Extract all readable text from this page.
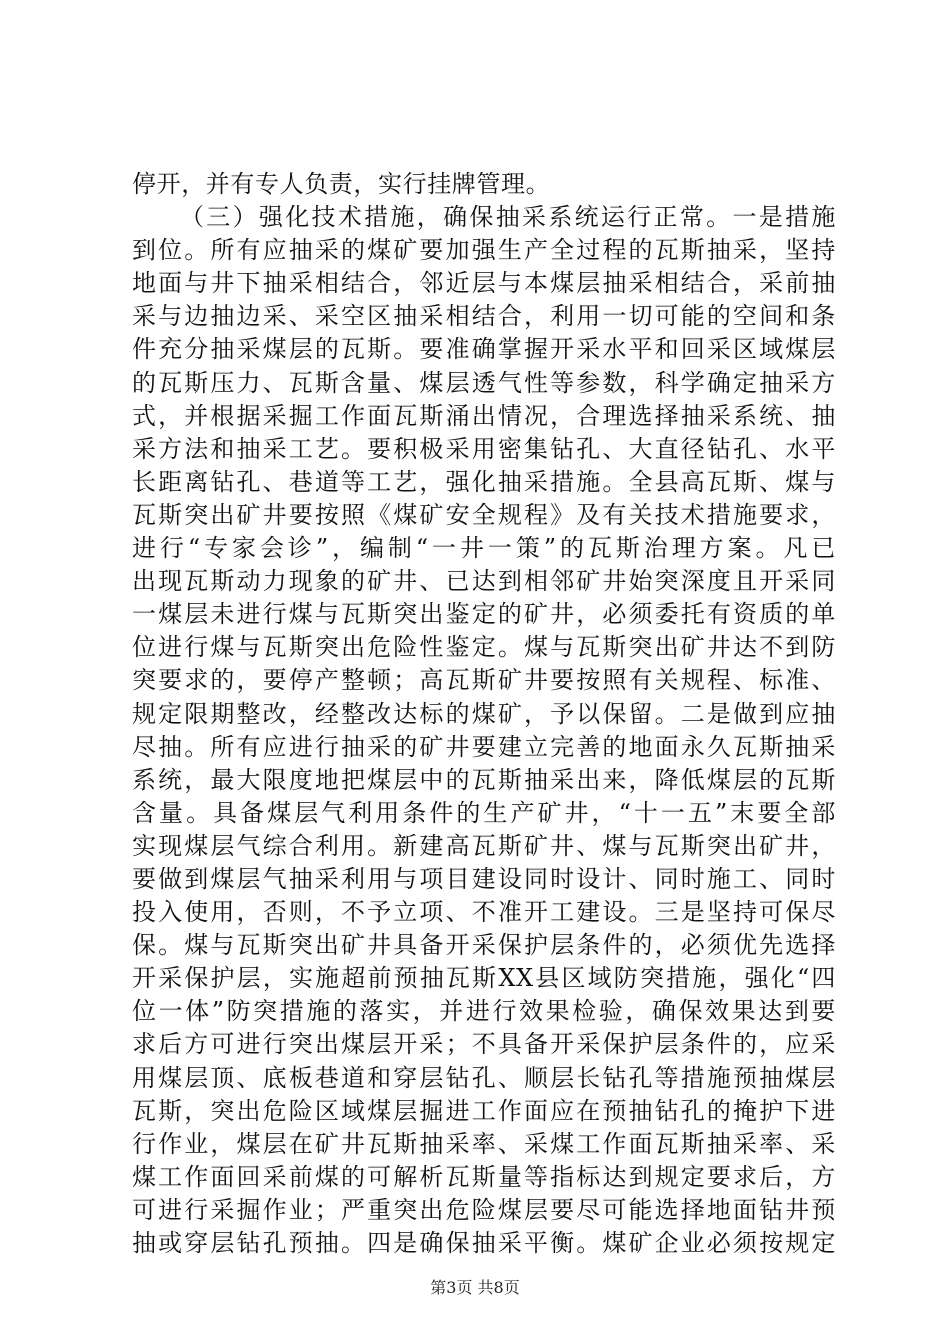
停开，并有专人负责，实行挂牌管理。
（三）强化技术措施，确保抽采系统运行正常。一是措施
到位。所有应抽采的煤矿要加强生产全过程的瓦斯抽采，坚持
地面与井下抽采相结合，邻近层与本煤层抽采相结合，采前抽
采与边抽边采、采空区抽采相结合，利用一切可能的空间和条
件充分抽采煤层的瓦斯。要准确掌握开采水平和回采区域煤层
的瓦斯压力、瓦斯含量、煤层透气性等参数，科学确定抽采方
式，并根据采掘工作面瓦斯涌出情况，合理选择抽采系统、抽
采方法和抽采工艺。要积极采用密集钻孔、大直径钻孔、水平
长距离钻孔、巷道等工艺，强化抽采措施。全县高瓦斯、煤与
瓦斯突出矿井要按照《煤矿安全规程》及有关技术措施要求，
进行“专家会诊”，编制“一井一策”的瓦斯治理方案。凡已
出现瓦斯动力现象的矿井、已达到相邻矿井始突深度且开采同
一煤层未进行煤与瓦斯突出鉴定的矿井，必须委托有资质的单
位进行煤与瓦斯突出危险性鉴定。煤与瓦斯突出矿井达不到防
突要求的，要停产整顿；高瓦斯矿井要按照有关规程、标准、
规定限期整改，经整改达标的煤矿，予以保留。二是做到应抽
尽抽。所有应进行抽采的矿井要建立完善的地面永久瓦斯抽采
系统，最大限度地把煤层中的瓦斯抽采出来，降低煤层的瓦斯
含量。具备煤层气利用条件的生产矿井，“十一五”末要全部
实现煤层气综合利用。新建高瓦斯矿井、煤与瓦斯突出矿井，
要做到煤层气抽采利用与项目建设同时设计、同时施工、同时
投入使用，否则，不予立项、不准开工建设。三是坚持可保尽
保。煤与瓦斯突出矿井具备开采保护层条件的，必须优先选择
开采保护层，实施超前预抽瓦斯XX县区域防突措施，强化“四
位一体”防突措施的落实，并进行效果检验，确保效果达到要
求后方可进行突出煤层开采；不具备开采保护层条件的，应采
用煤层顶、底板巷道和穿层钻孔、顺层长钻孔等措施预抽煤层
瓦斯，突出危险区域煤层掘进工作面应在预抽钻孔的掩护下进
行作业，煤层在矿井瓦斯抽采率、采煤工作面瓦斯抽采率、采
煤工作面回采前煤的可解析瓦斯量等指标达到规定要求后，方
可进行采掘作业；严重突出危险煤层要尽可能选择地面钻井预
抽或穿层钻孔预抽。四是确保抽采平衡。煤矿企业必须按规定
第3页 共8页
